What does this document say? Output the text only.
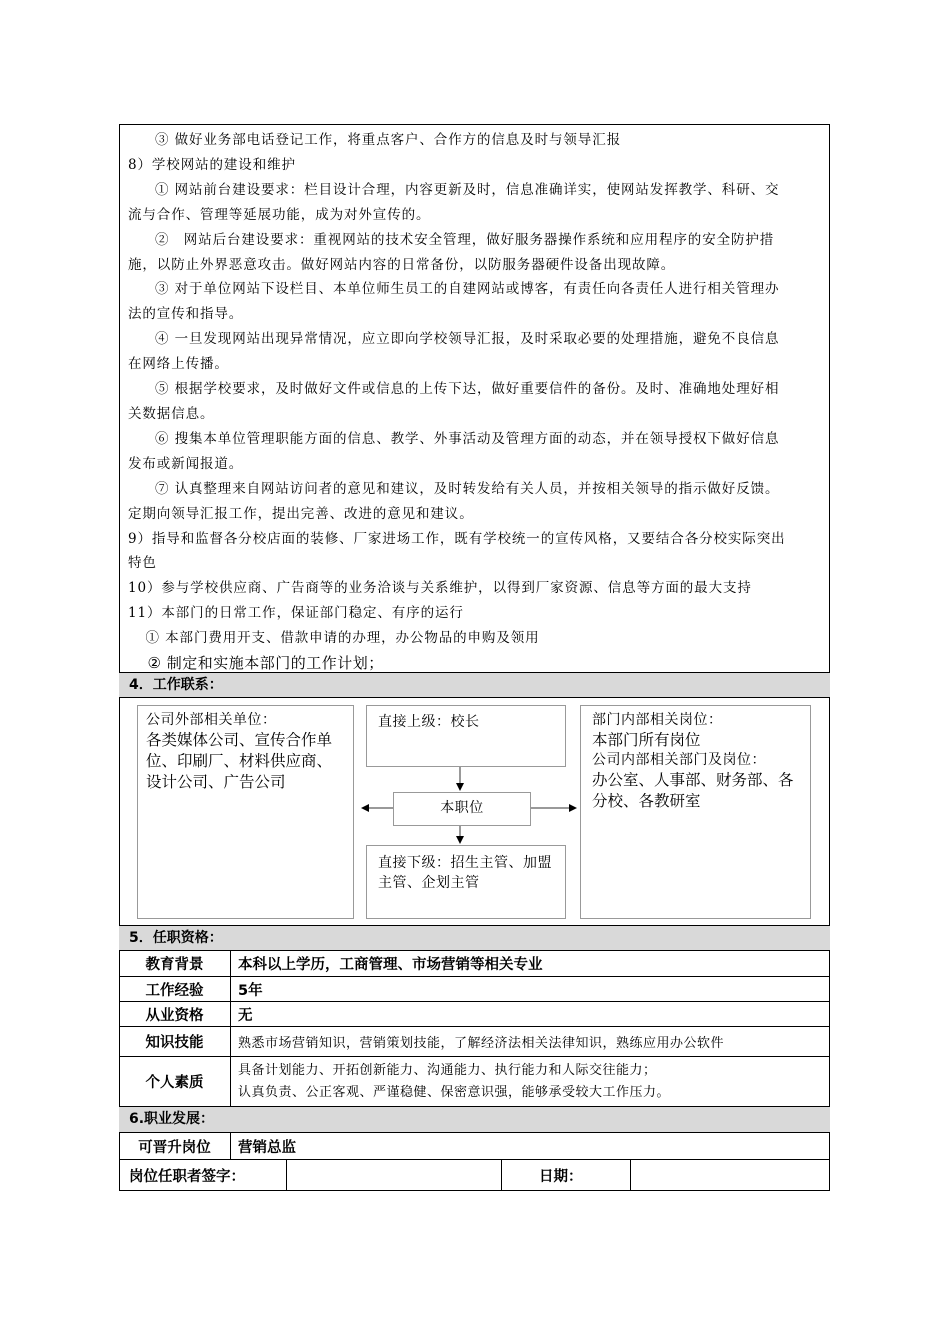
③ 做好业务部电话登记工作，将重点客户、合作方的信息及时与领导汇报

8）学校网站的建设和维护

① 网站前台建设要求：栏目设计合理，内容更新及时，信息准确详实，使网站发挥教学、科研、交

流与合作、管理等延展功能，成为对外宣传的。

②　网站后台建设要求：重视网站的技术安全管理，做好服务器操作系统和应用程序的安全防护措

施，以防止外界恶意攻击。做好网站内容的日常备份，以防服务器硬件设备出现故障。

③ 对于单位网站下设栏目、本单位师生员工的自建网站或博客，有责任向各责任人进行相关管理办

法的宣传和指导。

④ 一旦发现网站出现异常情况，应立即向学校领导汇报，及时采取必要的处理措施，避免不良信息

在网络上传播。

⑤ 根据学校要求，及时做好文件或信息的上传下达，做好重要信件的备份。及时、准确地处理好相

关数据信息。

⑥ 搜集本单位管理职能方面的信息、教学、外事活动及管理方面的动态，并在领导授权下做好信息

发布或新闻报道。

⑦ 认真整理来自网站访问者的意见和建议，及时转发给有关人员，并按相关领导的指示做好反馈。

定期向领导汇报工作，提出完善、改进的意见和建议。

9）指导和监督各分校店面的装修、厂家进场工作，既有学校统一的宣传风格，又要结合各分校实际突出

特色

10）参与学校供应商、广告商等的业务洽谈与关系维护，以得到厂家资源、信息等方面的最大支持

11）本部门的日常工作，保证部门稳定、有序的运行

① 本部门费用开支、借款申请的办理，办公物品的申购及领用

② 制定和实施本部门的工作计划；

4．工作联系：
公司外部相关单位：
各类媒体公司、宣传合作单位、印刷厂、材料供应商、设计公司、广告公司
直接上级：校长
本职位
直接下级：招生主管、加盟主管、企划主管
部门内部相关岗位：
本部门所有岗位
公司内部相关部门及岗位：
办公室、人事部、财务部、各分校、各教研室
5．任职资格：
教育背景	本科以上学历，工商管理、市场营销等相关专业
工作经验	5年
从业资格	无
知识技能	熟悉市场营销知识，营销策划技能，了解经济法相关法律知识，熟练应用办公软件
个人素质
具备计划能力、开拓创新能力、沟通能力、执行能力和人际交往能力；
认真负责、公正客观、严谨稳健、保密意识强，能够承受较大工作压力。
6.职业发展：
可晋升岗位	营销总监
岗位任职者签字：	日期：
